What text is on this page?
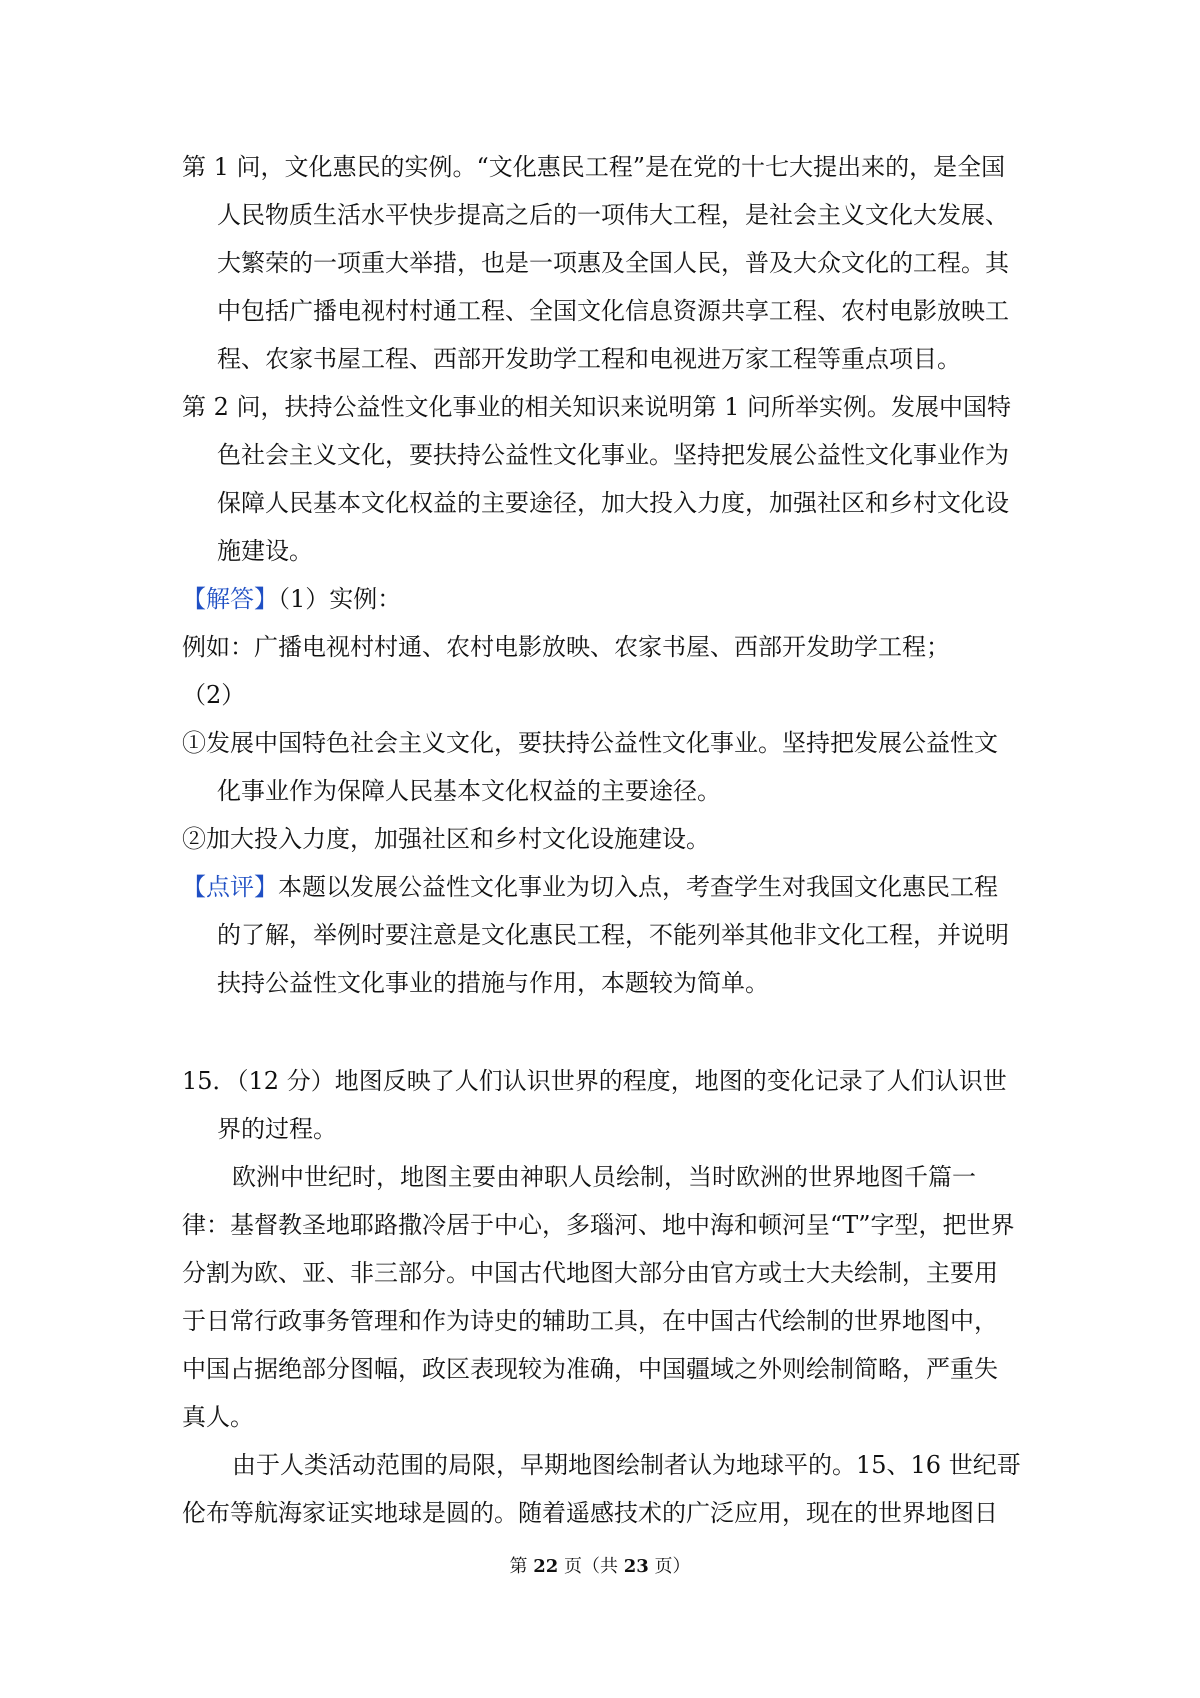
第 1 问，文化惠民的实例。“文化惠民工程”是在党的十七大提出来的，是全国
人民物质生活水平快步提高之后的一项伟大工程，是社会主义文化大发展、
大繁荣的一项重大举措，也是一项惠及全国人民，普及大众文化的工程。其
中包括广播电视村村通工程、全国文化信息资源共享工程、农村电影放映工
程、农家书屋工程、西部开发助学工程和电视进万家工程等重点项目。
第 2 问，扶持公益性文化事业的相关知识来说明第 1 问所举实例。发展中国特
色社会主义文化，要扶持公益性文化事业。坚持把发展公益性文化事业作为
保障人民基本文化权益的主要途径，加大投入力度，加强社区和乡村文化设
施建设。
【解答】（1）实例：
例如：广播电视村村通、农村电影放映、农家书屋、西部开发助学工程；
（2）
①发展中国特色社会主义文化，要扶持公益性文化事业。坚持把发展公益性文
化事业作为保障人民基本文化权益的主要途径。
②加大投入力度，加强社区和乡村文化设施建设。
【点评】本题以发展公益性文化事业为切入点，考查学生对我国文化惠民工程
的了解，举例时要注意是文化惠民工程，不能列举其他非文化工程，并说明
扶持公益性文化事业的措施与作用，本题较为简单。
15．（12 分）地图反映了人们认识世界的程度，地图的变化记录了人们认识世
界的过程。
欧洲中世纪时，地图主要由神职人员绘制，当时欧洲的世界地图千篇一
律：基督教圣地耶路撒冷居于中心，多瑙河、地中海和顿河呈“T”字型，把世界
分割为欧、亚、非三部分。中国古代地图大部分由官方或士大夫绘制，主要用
于日常行政事务管理和作为诗史的辅助工具，在中国古代绘制的世界地图中，
中国占据绝部分图幅，政区表现较为准确，中国疆域之外则绘制简略，严重失
真人。
由于人类活动范围的局限，早期地图绘制者认为地球平的。15、16 世纪哥
伦布等航海家证实地球是圆的。随着遥感技术的广泛应用，现在的世界地图日
第 22 页（共 23 页）
